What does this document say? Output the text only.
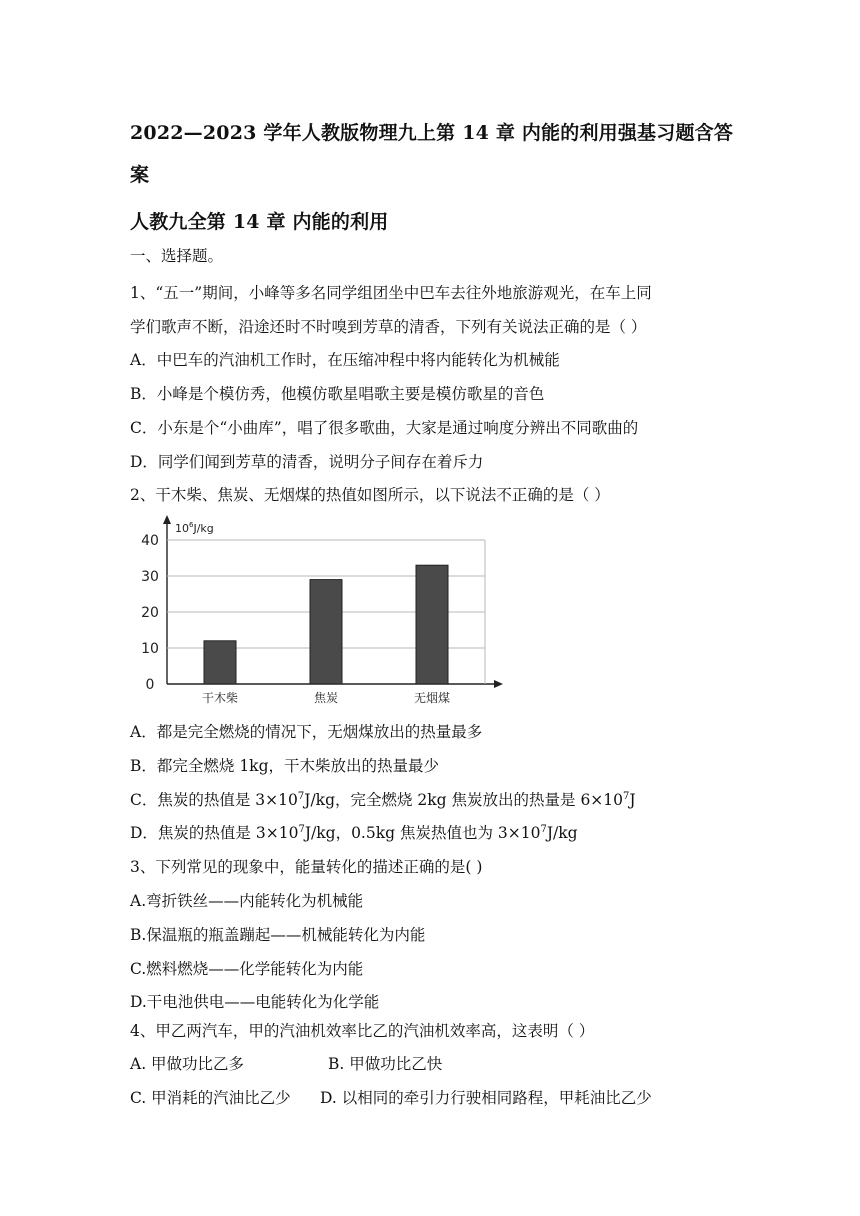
2022—2023 学年人教版物理九上第 14 章 内能的利用强基习题含答
案
人教九全第 14 章 内能的利用
一、选择题。
1、“五一”期间，小峰等多名同学组团坐中巴车去往外地旅游观光，在车上同
学们歌声不断，沿途还时不时嗅到芳草的清香，下列有关说法正确的是（ ）
A．中巴车的汽油机工作时，在压缩冲程中将内能转化为机械能
B．小峰是个模仿秀，他模仿歌星唱歌主要是模仿歌星的音色
C．小东是个“小曲库”，唱了很多歌曲，大家是通过响度分辨出不同歌曲的
D．同学们闻到芳草的清香，说明分子间存在着斥力
2、干木柴、焦炭、无烟煤的热值如图所示，以下说法不正确的是（ ）
$10^6J/kg$
0
10
20
30
40
干木柴	焦炭	无烟煤
A．都是完全燃烧的情况下，无烟煤放出的热量最多
B．都完全燃烧 1kg，干木柴放出的热量最少
C．焦炭的热值是 $3\times 10^7J/kg$，完全燃烧 2kg 焦炭放出的热量是 $6\times 10^7J$
D．焦炭的热值是 $3\times 10^7J/kg$，0.5kg 焦炭热值也为 $3\times 10^7J/kg$
3、下列常见的现象中，能量转化的描述正确的是( )
A.弯折铁丝——内能转化为机械能
B.保温瓶的瓶盖蹦起——机械能转化为内能
C.燃料燃烧——化学能转化为内能
D.干电池供电——电能转化为化学能
4、甲乙两汽车，甲的汽油机效率比乙的汽油机效率高，这表明（ ）
A. 甲做功比乙多	B. 甲做功比乙快
C. 甲消耗的汽油比乙少 D. 以相同的牵引力行驶相同路程，甲耗油比乙少
